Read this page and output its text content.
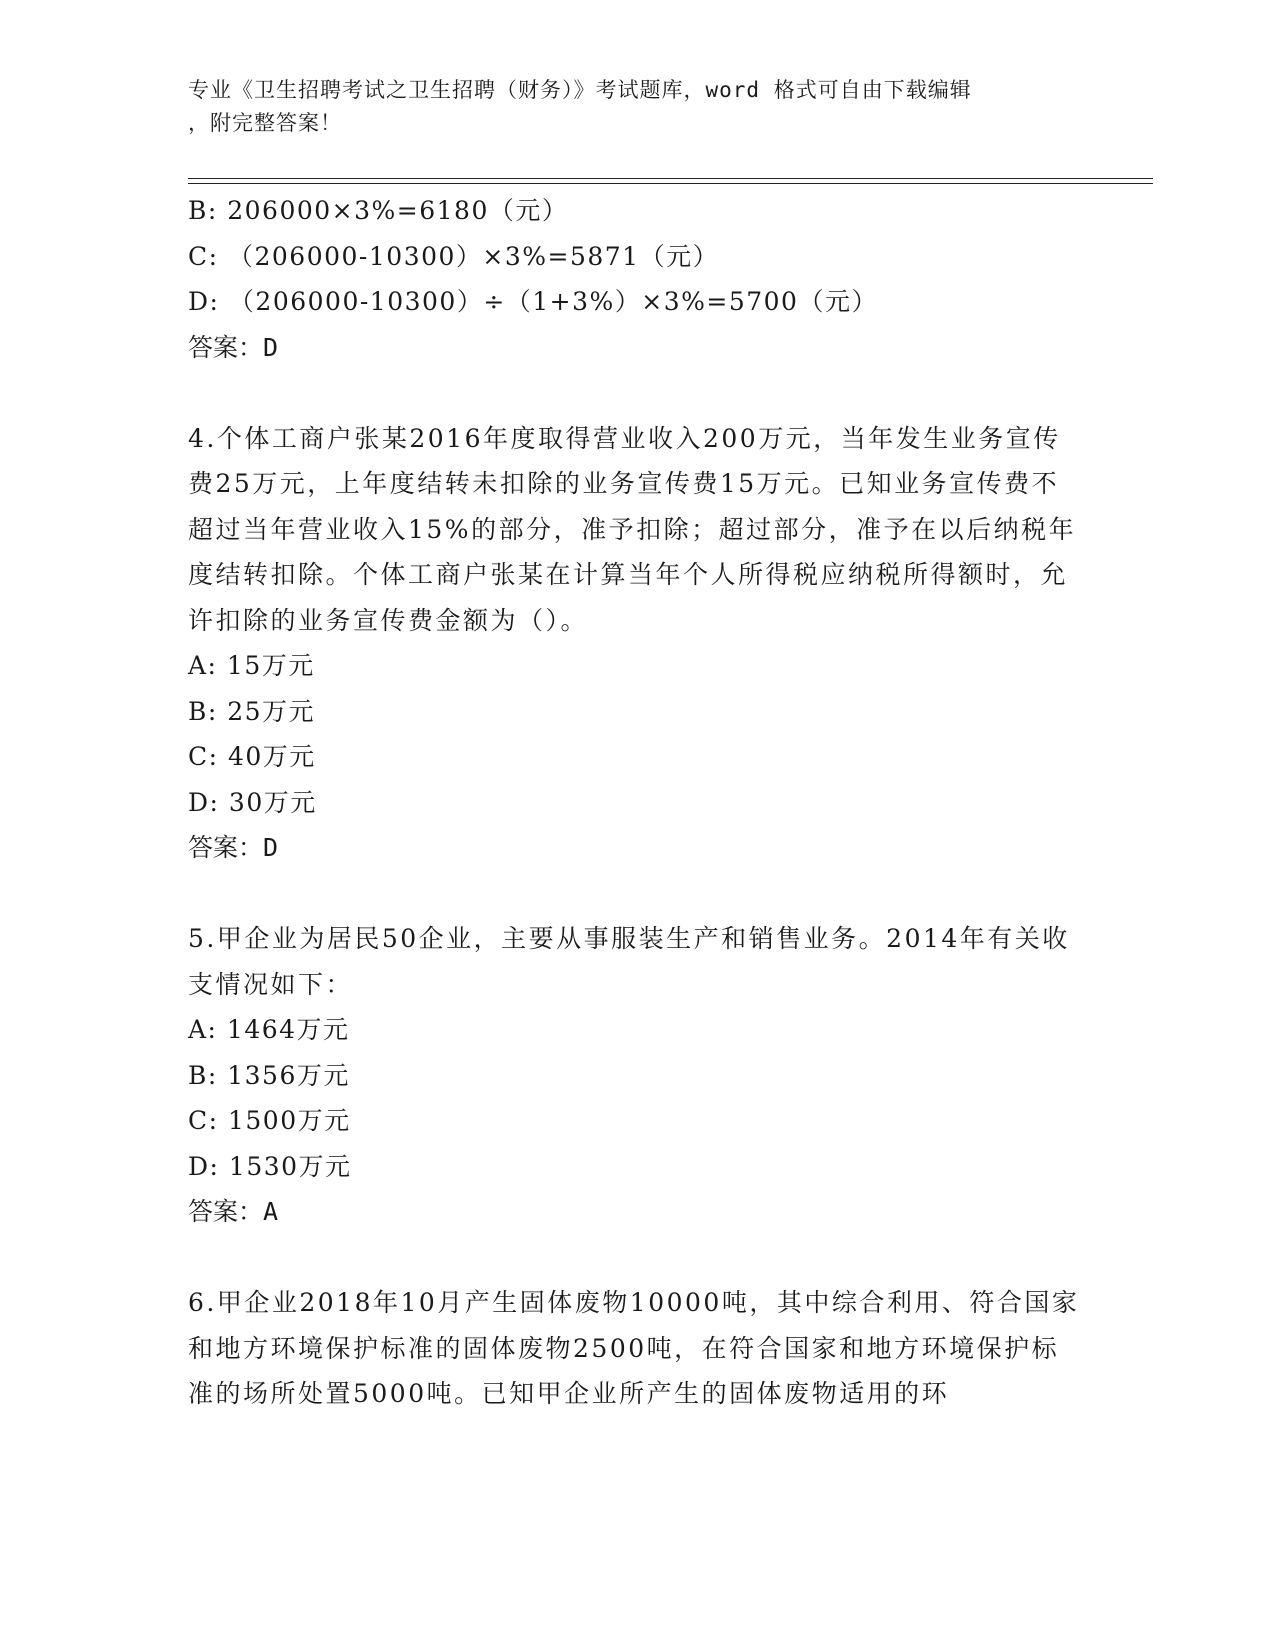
专业《卫生招聘考试之卫生招聘（财务）》考试题库，word 格式可自由下载编辑
，附完整答案！
B: 206000×3%=6180（元）
C: （206000-10300）×3%=5871（元）
D: （206000-10300）÷（1+3%）×3%=5700（元）
答案：D
4.个体工商户张某2016年度取得营业收入200万元，当年发生业务宣传费25万元，上年度结转未扣除的业务宣传费15万元。已知业务宣传费不超过当年营业收入15%的部分，准予扣除；超过部分，准予在以后纳税年度结转扣除。个体工商户张某在计算当年个人所得税应纳税所得额时，允许扣除的业务宣传费金额为（）。
A: 15万元
B: 25万元
C: 40万元
D: 30万元
答案：D
5.甲企业为居民50企业，主要从事服装生产和销售业务。2014年有关收支情况如下：
A: 1464万元
B: 1356万元
C: 1500万元
D: 1530万元
答案：A
6.甲企业2018年10月产生固体废物10000吨，其中综合利用、符合国家和地方环境保护标准的固体废物2500吨，在符合国家和地方环境保护标准的场所处置5000吨。已知甲企业所产生的固体废物适用的环
